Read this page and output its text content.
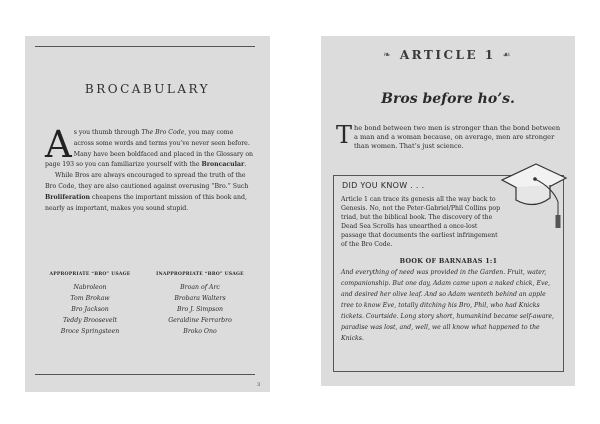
BROCABULARY
A s you thumb through The Bro Code, you may come across some words and terms you’ve never seen before. Many have been boldfaced and placed in the Glossary on page 193 so you can familiarize yourself with the Broncacular.

While Bros are always encouraged to spread the truth of the Bro Code, they are also cautioned against overusing “Bro.” Such Broliferation cheapens the important mission of this book and, nearly as important, makes you sound stupid.

APPROPRIATE “BRO” USAGE
Nabroleon
Tom Brokaw
Bro Jackson
Teddy Broosevelt
Broce Springsteen
INAPPROPRIATE “BRO” USAGE
Broan of Arc
Brobara Walters
Bro J. Simpson
Geraldine Ferrarbro
Broko Ono
3
❧ ARTICLE 1 ☙
Bros before ho’s.

The bond between two men is stronger than the bond between a man and a woman because, on average, men are stronger than women. That’s just science.

DID YOU KNOW . . .

Article 1 can trace its genesis all the way back to Genesis. No, not the Peter-Gabriel/Phil Collins pop triad, but the biblical book. The discovery of the Dead Sea Scrolls has unearthed a once-lost passage that documents the earliest infringement of the Bro Code.

BOOK OF BARNABAS 1:1

And everything of need was provided in the Garden. Fruit, water, companionship. But one day, Adam came upon a naked chick, Eve, and desired her olive leaf. And so Adam wenteth behind an apple tree to know Eve, totally ditching his Bro, Phil, who had Knicks tickets. Courtside. Long story short, humankind became self-aware, paradise was lost, and, well, we all know what happened to the Knicks.
